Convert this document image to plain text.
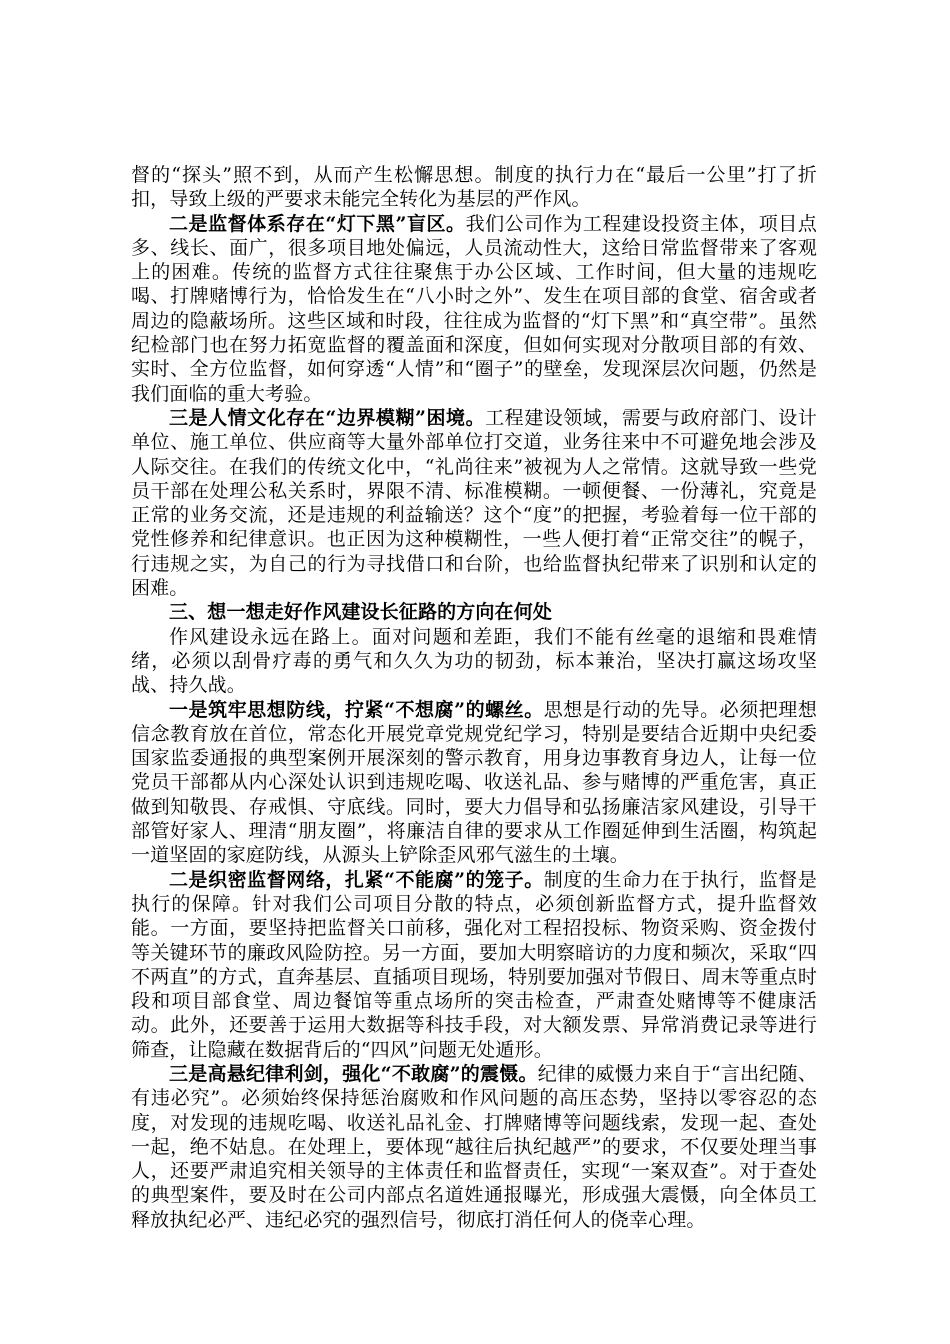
督的“探头”照不到，从而产生松懈思想。制度的执行力在“最后一公里”打了折扣，导致上级的严要求未能完全转化为基层的严作风。

二是监督体系存在“灯下黑”盲区。我们公司作为工程建设投资主体，项目点多、线长、面广，很多项目地处偏远，人员流动性大，这给日常监督带来了客观上的困难。传统的监督方式往往聚焦于办公区域、工作时间，但大量的违规吃喝、打牌赌博行为，恰恰发生在“八小时之外”、发生在项目部的食堂、宿舍或者周边的隐蔽场所。这些区域和时段，往往成为监督的“灯下黑”和“真空带”。虽然纪检部门也在努力拓宽监督的覆盖面和深度，但如何实现对分散项目部的有效、实时、全方位监督，如何穿透“人情”和“圈子”的壁垒，发现深层次问题，仍然是我们面临的重大考验。

三是人情文化存在“边界模糊”困境。工程建设领域，需要与政府部门、设计单位、施工单位、供应商等大量外部单位打交道，业务往来中不可避免地会涉及人际交往。在我们的传统文化中，“礼尚往来”被视为人之常情。这就导致一些党员干部在处理公私关系时，界限不清、标准模糊。一顿便餐、一份薄礼，究竟是正常的业务交流，还是违规的利益输送？这个“度”的把握，考验着每一位干部的党性修养和纪律意识。也正因为这种模糊性，一些人便打着“正常交往”的幌子，行违规之实，为自己的行为寻找借口和台阶，也给监督执纪带来了识别和认定的困难。

三、想一想走好作风建设长征路的方向在何处

作风建设永远在路上。面对问题和差距，我们不能有丝毫的退缩和畏难情绪，必须以刮骨疗毒的勇气和久久为功的韧劲，标本兼治，坚决打赢这场攻坚战、持久战。

一是筑牢思想防线，拧紧“不想腐”的螺丝。思想是行动的先导。必须把理想信念教育放在首位，常态化开展党章党规党纪学习，特别是要结合近期中央纪委国家监委通报的典型案例开展深刻的警示教育，用身边事教育身边人，让每一位党员干部都从内心深处认识到违规吃喝、收送礼品、参与赌博的严重危害，真正做到知敬畏、存戒惧、守底线。同时，要大力倡导和弘扬廉洁家风建设，引导干部管好家人、理清“朋友圈”，将廉洁自律的要求从工作圈延伸到生活圈，构筑起一道坚固的家庭防线，从源头上铲除歪风邪气滋生的土壤。

二是织密监督网络，扎紧“不能腐”的笼子。制度的生命力在于执行，监督是执行的保障。针对我们公司项目分散的特点，必须创新监督方式，提升监督效能。一方面，要坚持把监督关口前移，强化对工程招投标、物资采购、资金拨付等关键环节的廉政风险防控。另一方面，要加大明察暗访的力度和频次，采取“四不两直”的方式，直奔基层、直插项目现场，特别要加强对节假日、周末等重点时段和项目部食堂、周边餐馆等重点场所的突击检查，严肃查处赌博等不健康活动。此外，还要善于运用大数据等科技手段，对大额发票、异常消费记录等进行筛查，让隐藏在数据背后的“四风”问题无处遁形。

三是高悬纪律利剑，强化“不敢腐”的震慑。纪律的威慑力来自于“言出纪随、有违必究”。必须始终保持惩治腐败和作风问题的高压态势，坚持以零容忍的态度，对发现的违规吃喝、收送礼品礼金、打牌赌博等问题线索，发现一起、查处一起，绝不姑息。在处理上，要体现“越往后执纪越严”的要求，不仅要处理当事人，还要严肃追究相关领导的主体责任和监督责任，实现“一案双查”。对于查处的典型案件，要及时在公司内部点名道姓通报曝光，形成强大震慑，向全体员工释放执纪必严、违纪必究的强烈信号，彻底打消任何人的侥幸心理。
